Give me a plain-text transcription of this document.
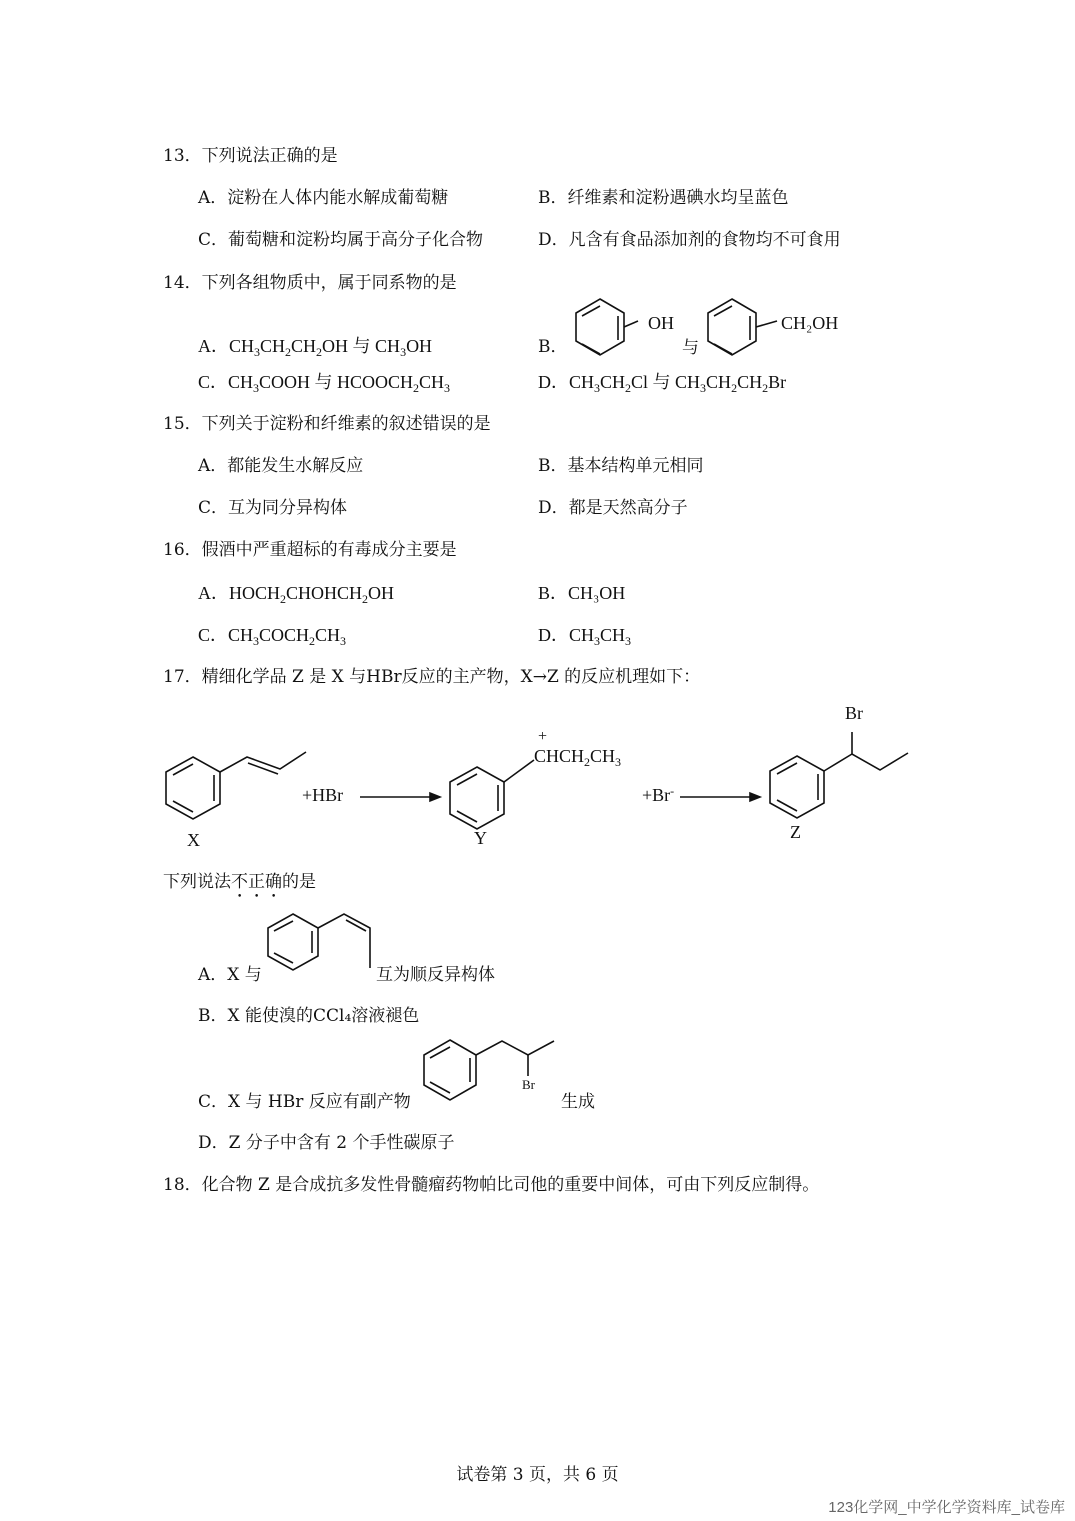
13．下列说法正确的是
A．淀粉在人体内能水解成葡萄糖	B．纤维素和淀粉遇碘水均呈蓝色
C．葡萄糖和淀粉均属于高分子化合物	D．凡含有食品添加剂的食物均不可食用
14．下列各组物质中，属于同系物的是
A．$CH_3CH_2CH_2OH$ 与 $CH_3OH$	B．
OH
与
CH₂OH
C．$CH_3COOH$ 与 $HCOOCH_2CH_3$	D．$CH_3CH_2Cl$ 与 $CH_3CH_2CH_2Br$
15．下列关于淀粉和纤维素的叙述错误的是
A．都能发生水解反应	B．基本结构单元相同
C．互为同分异构体	D．都是天然高分子
16．假酒中严重超标的有毒成分主要是
A．$HOCH_2CHOHCH_2OH$	B．CH₃OH
C．$CH_3COCH_2CH_3$	D．$CH_3CH_3$
17．精细化学品 Z 是 X 与HBr反应的主产物，X→Z 的反应机理如下：
X
+HBr
+
$CHCH_2CH_3$
Y
+Br-
Br
Z
下列说法不正确的是
A．X 与	互为顺反异构体
B．X 能使溴的CCl₄溶液褪色
C．X 与 HBr 反应有副产物
Br
生成
D．Z 分子中含有 2 个手性碳原子
18．化合物 Z 是合成抗多发性骨髓瘤药物帕比司他的重要中间体，可由下列反应制得。
试卷第 3 页，共 6 页
123化学网_中学化学资料库_试卷库
